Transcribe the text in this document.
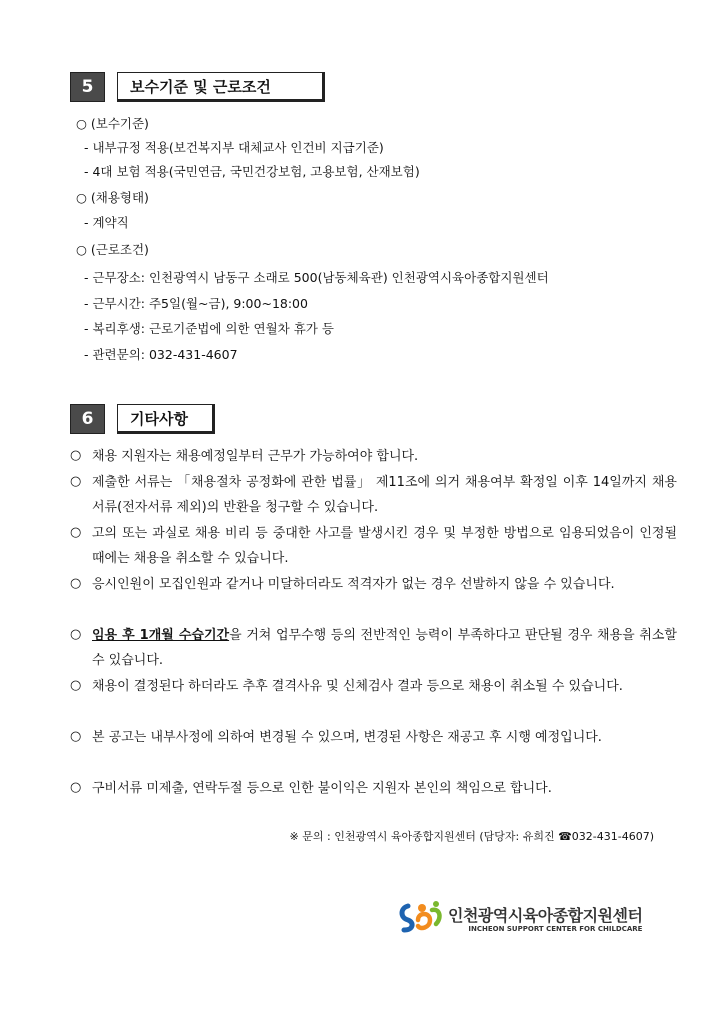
5	보수기준 및 근로조건
○ (보수기준)
- 내부규정 적용(보건복지부 대체교사 인건비 지급기준)
- 4대 보험 적용(국민연금, 국민건강보험, 고용보험, 산재보험)
○ (채용형태)
- 계약직
○ (근로조건)
- 근무장소: 인천광역시 남동구 소래로 500(남동체육관) 인천광역시육아종합지원센터
- 근무시간: 주5일(월~금), 9:00~18:00
- 복리후생: 근로기준법에 의한 연월차 휴가 등
- 관련문의: 032-431-4607
6	기타사항
○ 채용 지원자는 채용예정일부터 근무가 가능하여야 합니다.
○ 제출한 서류는 「채용절차 공정화에 관한 법률」 제11조에 의거 채용여부 확정일 이후 14일까지 채용서류(전자서류 제외)의 반환을 청구할 수 있습니다.
○ 고의 또는 과실로 채용 비리 등 중대한 사고를 발생시킨 경우 및 부정한 방법으로 임용되었음이 인정될 때에는 채용을 취소할 수 있습니다.
○ 응시인원이 모집인원과 같거나 미달하더라도 적격자가 없는 경우 선발하지 않을 수 있습니다.
○ 임용 후 1개월 수습기간을 거쳐 업무수행 등의 전반적인 능력이 부족하다고 판단될 경우 채용을 취소할 수 있습니다.
○ 채용이 결정된다 하더라도 추후 결격사유 및 신체검사 결과 등으로 채용이 취소될 수 있습니다.
○ 본 공고는 내부사정에 의하여 변경될 수 있으며, 변경된 사항은 재공고 후 시행 예정입니다.
○ 구비서류 미제출, 연락두절 등으로 인한 불이익은 지원자 본인의 책임으로 합니다.
※ 문의 : 인천광역시 육아종합지원센터 (담당자: 유희진 ☎032-431-4607)
인천광역시육아종합지원센터
INCHEON SUPPORT CENTER FOR CHILDCARE
